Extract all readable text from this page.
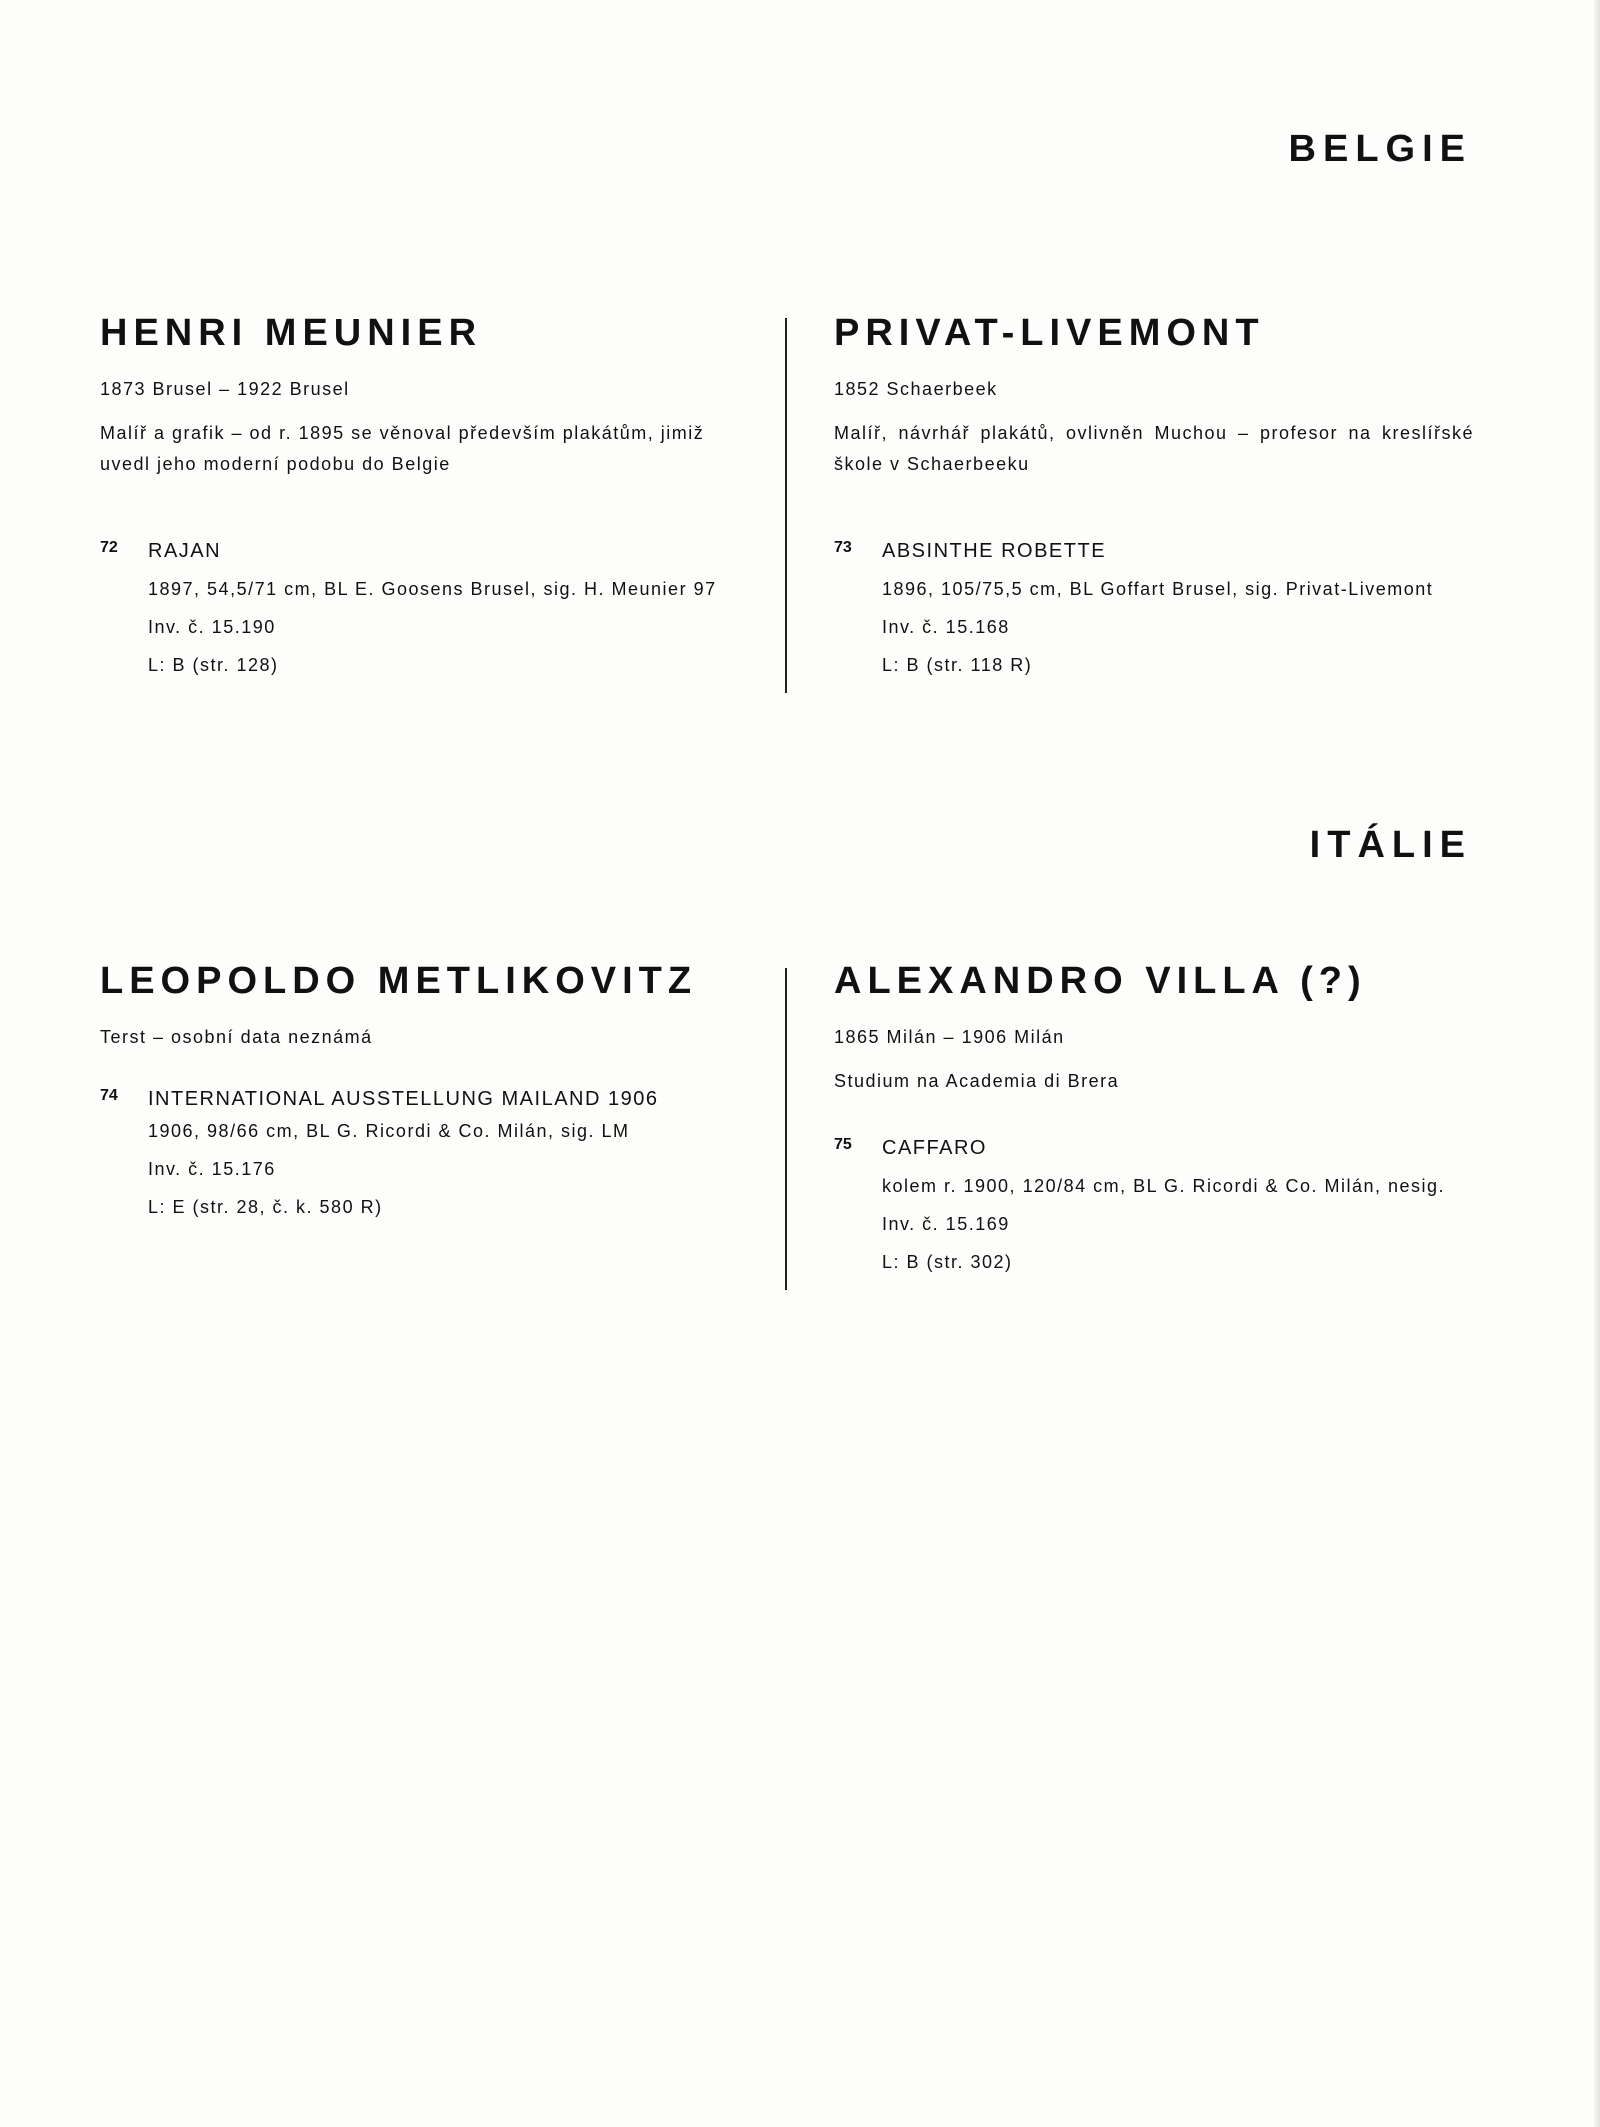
BELGIE
HENRI MEUNIER
1873 Brusel – 1922 Brusel
Malíř a grafik – od r. 1895 se věnoval především plakátům, jimiž uvedl jeho moderní podobu do Belgie
72 RAJAN
1897, 54,5/71 cm, BL E. Goosens Brusel, sig. H. Meunier 97
Inv. č. 15.190
L: B (str. 128)
PRIVAT-LIVEMONT
1852 Schaerbeek
Malíř, návrhář plakátů, ovlivněn Muchou – profesor na kreslířské škole v Schaerbeeku
73 ABSINTHE ROBETTE
1896, 105/75,5 cm, BL Goffart Brusel, sig. Privat-Livemont
Inv. č. 15.168
L: B (str. 118 R)
ITÁLIE
LEOPOLDO METLIKOVITZ
Terst – osobní data neznámá
74 INTERNATIONAL AUSSTELLUNG MAILAND 1906
1906, 98/66 cm, BL G. Ricordi & Co. Milán, sig. LM
Inv. č. 15.176
L: E (str. 28, č. k. 580 R)
ALEXANDRO VILLA (?)
1865 Milán – 1906 Milán
Studium na Academia di Brera
75 CAFFARO
kolem r. 1900, 120/84 cm, BL G. Ricordi & Co. Milán, nesig.
Inv. č. 15.169
L: B (str. 302)
